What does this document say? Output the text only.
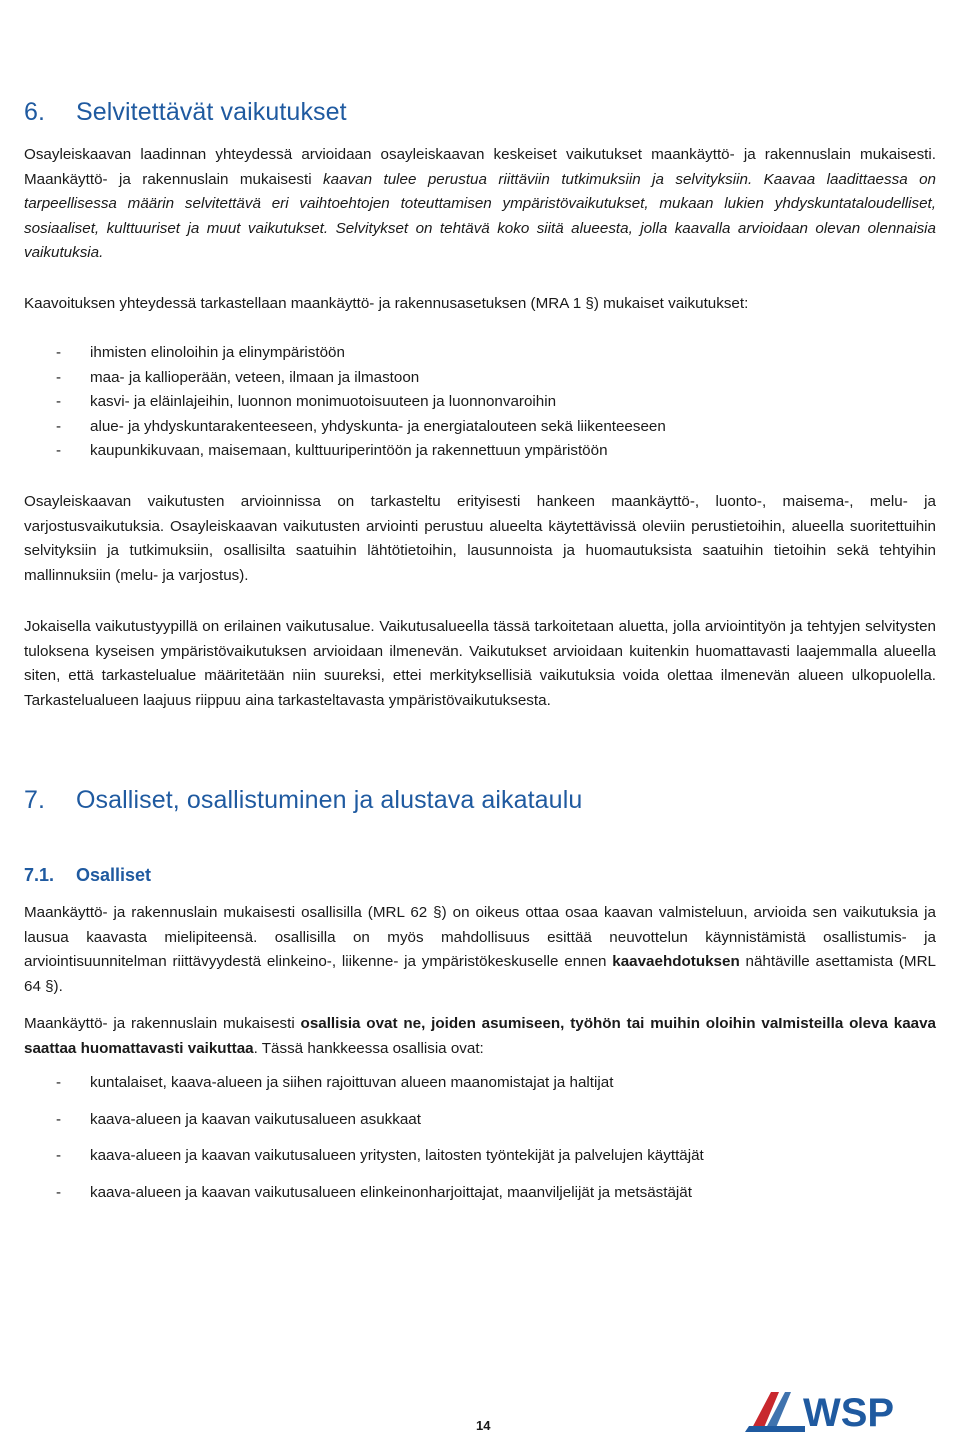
6. Selvitettävät vaikutukset

Osayleiskaavan laadinnan yhteydessä arvioidaan osayleiskaavan keskeiset vaikutukset maankäyttö- ja rakennuslain mukaisesti. Maankäyttö- ja rakennuslain mukaisesti kaavan tulee perustua riittäviin tutkimuksiin ja selvityksiin. Kaavaa laadittaessa on tarpeellisessa määrin selvitettävä eri vaihtoehtojen toteuttamisen ympäristövaikutukset, mukaan lukien yhdyskuntataloudelliset, sosiaaliset, kulttuuriset ja muut vaikutukset. Selvitykset on tehtävä koko siitä alueesta, jolla kaavalla arvioidaan olevan olennaisia vaikutuksia.

Kaavoituksen yhteydessä tarkastellaan maankäyttö- ja rakennusasetuksen (MRA 1 §) mukaiset vaikutukset:

- ihmisten elinoloihin ja elinympäristöön
- maa- ja kallioperään, veteen, ilmaan ja ilmastoon
- kasvi- ja eläinlajeihin, luonnon monimuotoisuuteen ja luonnonvaroihin
- alue- ja yhdyskuntarakenteeseen, yhdyskunta- ja energiatalouteen sekä liikenteeseen
- kaupunkikuvaan, maisemaan, kulttuuriperintöön ja rakennettuun ympäristöön

Osayleiskaavan vaikutusten arvioinnissa on tarkasteltu erityisesti hankeen maankäyttö-, luonto-, maisema-, melu- ja varjostusvaikutuksia. Osayleiskaavan vaikutusten arviointi perustuu alueelta käytettävissä oleviin perustietoihin, alueella suoritettuihin selvityksiin ja tutkimuksiin, osallisilta saatuihin lähtötietoihin, lausunnoista ja huomautuksista saatuihin tietoihin sekä tehtyihin mallinnuksiin (melu- ja varjostus).

Jokaisella vaikutustyypillä on erilainen vaikutusalue. Vaikutusalueella tässä tarkoitetaan aluetta, jolla arviointityön ja tehtyjen selvitysten tuloksena kyseisen ympäristövaikutuksen arvioidaan ilmenevän. Vaikutukset arvioidaan kuitenkin huomattavasti laajemmalla alueella siten, että tarkastelualue määritetään niin suureksi, ettei merkityksellisiä vaikutuksia voida olettaa ilmenevän alueen ulkopuolella. Tarkastelualueen laajuus riippuu aina tarkasteltavasta ympäristövaikutuksesta.

7. Osalliset, osallistuminen ja alustava aikataulu
7.1. Osalliset

Maankäyttö- ja rakennuslain mukaisesti osallisilla (MRL 62 §) on oikeus ottaa osaa kaavan valmisteluun, arvioida sen vaikutuksia ja lausua kaavasta mielipiteensä. osallisilla on myös mahdollisuus esittää neuvottelun käynnistämistä osallistumis- ja arviointisuunnitelman riittävyydestä elinkeino-, liikenne- ja ympäristökeskuselle ennen kaavaehdotuksen nähtäville asettamista (MRL 64 §).

Maankäyttö- ja rakennuslain mukaisesti osallisia ovat ne, joiden asumiseen, työhön tai muihin oloihin vaImisteilla oleva kaava saattaa huomattavasti vaikuttaa. Tässä hankkeessa osallisia ovat:

- kuntalaiset, kaava-alueen ja siihen rajoittuvan alueen maanomistajat ja haltijat
- kaava-alueen ja kaavan vaikutusalueen asukkaat
- kaava-alueen ja kaavan vaikutusalueen yritysten, laitosten työntekijät ja palvelujen käyttäjät
- kaava-alueen ja kaavan vaikutusalueen elinkeinonharjoittajat, maanviljelijät ja metsästäjät
14	WSP
